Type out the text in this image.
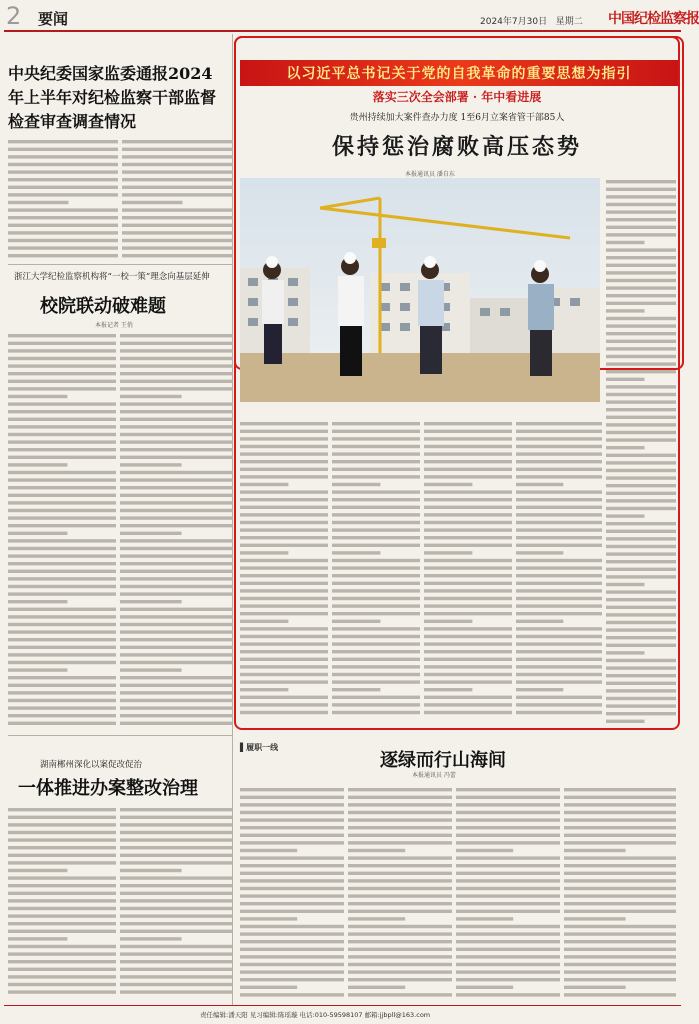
2 要闻	2024年7月30日 星期二 中国纪检监察报
中央纪委国家监委通报2024年上半年对纪检监察干部监督检查审查调查情况
浙江大学纪检监察机构将“一校一策”理念向基层延伸
校院联动破难题
本报记者 王俏
湖南郴州深化以案促改促治
一体推进办案整改治理
以习近平总书记关于党的自我革命的重要思想为指引
落实三次全会部署 · 年中看进展
贵州持续加大案件查办力度 1至6月立案省管干部85人
保持惩治腐败高压态势
本报通讯员 潘自东
▌履职一线
逐绿而行山海间
本报通讯员 冯蕾
责任编辑:潘天阳 见习编辑:陈瑶璇 电话:010-59598107 邮箱:jjbpll@163.com
